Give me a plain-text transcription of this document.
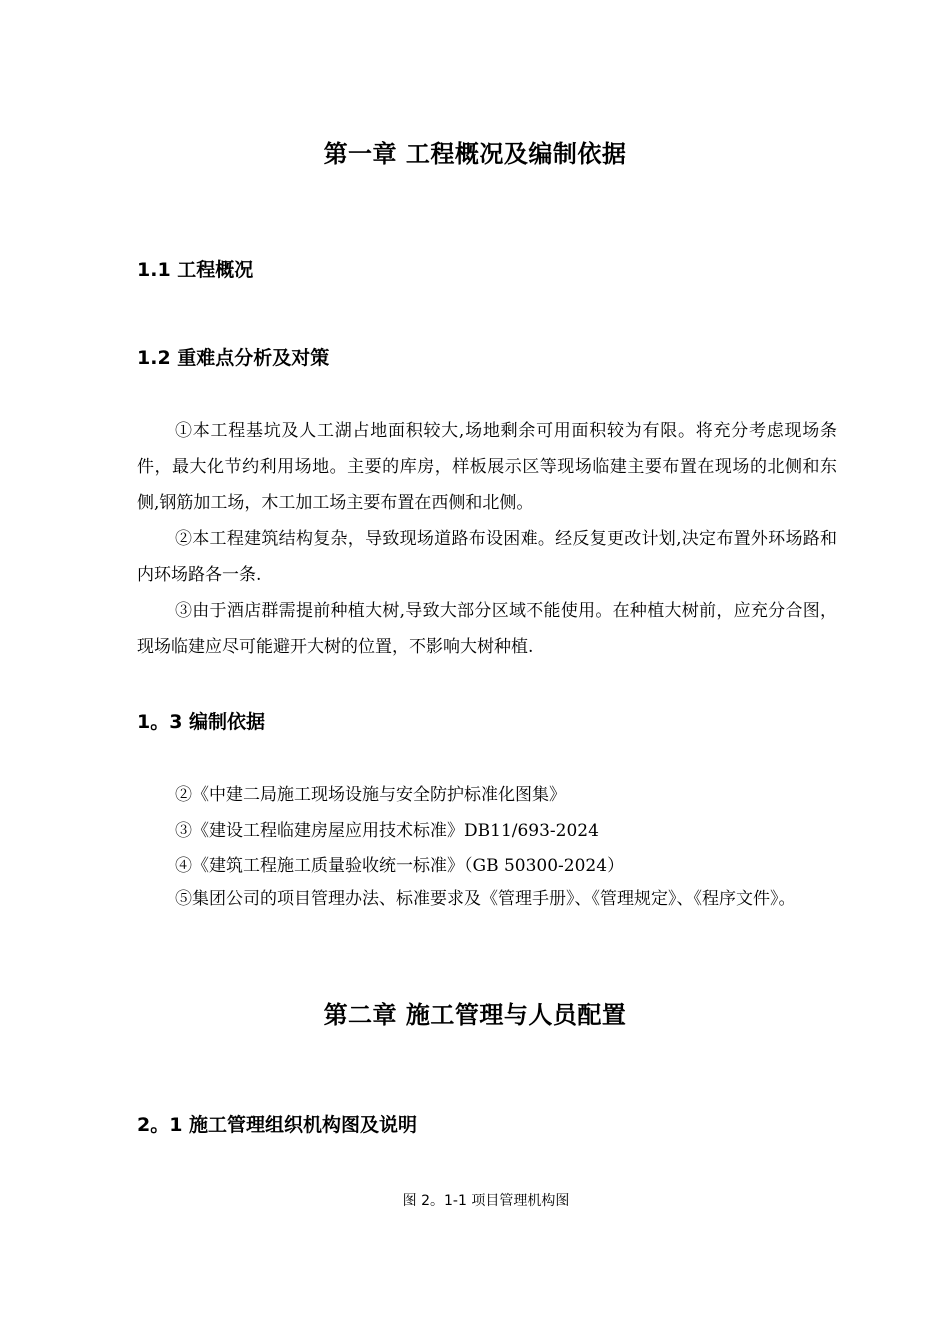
第一章 工程概况及编制依据
1.1 工程概况
1.2 重难点分析及对策
①本工程基坑及人工湖占地面积较大,场地剩余可用面积较为有限。将充分考虑现场条件，最大化节约利用场地。主要的库房，样板展示区等现场临建主要布置在现场的北侧和东侧,钢筋加工场，木工加工场主要布置在西侧和北侧。
②本工程建筑结构复杂，导致现场道路布设困难。经反复更改计划,决定布置外环场路和内环场路各一条.
③由于酒店群需提前种植大树,导致大部分区域不能使用。在种植大树前，应充分合图，现场临建应尽可能避开大树的位置，不影响大树种植.
1。3 编制依据
②《中建二局施工现场设施与安全防护标准化图集》
③《建设工程临建房屋应用技术标准》DB11/693-2024
④《建筑工程施工质量验收统一标准》（GB 50300-2024）
⑤集团公司的项目管理办法、标准要求及《管理手册》、《管理规定》、《程序文件》。
第二章 施工管理与人员配置
2。1 施工管理组织机构图及说明
图 2。1-1 项目管理机构图
